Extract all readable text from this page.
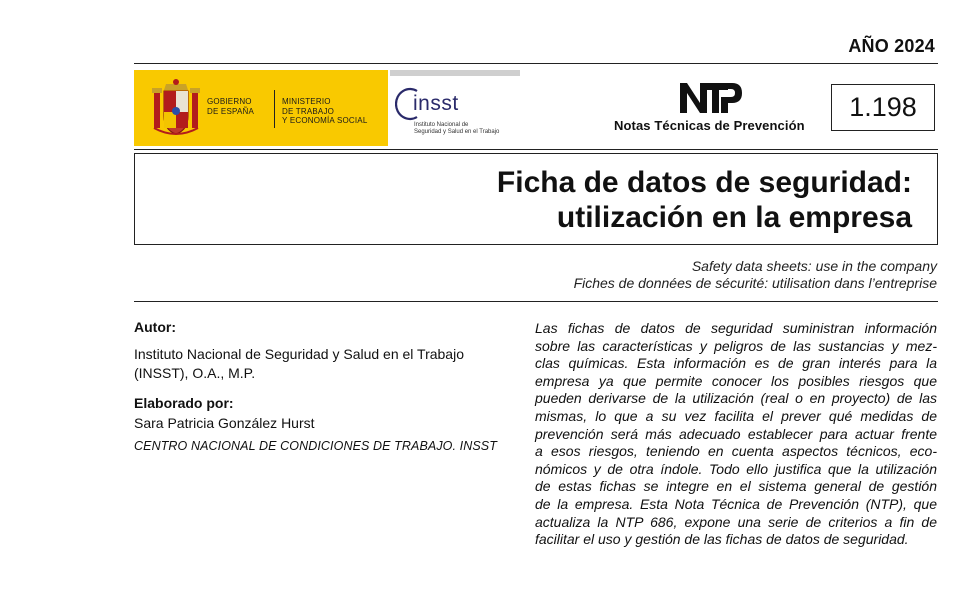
AÑO 2024
GOBIERNO
DE ESPAÑA
MINISTERIO
DE TRABAJO
Y ECONOMÍA SOCIAL
insst
Instituto Nacional de
Seguridad y Salud en el Trabajo	Notas Técnicas de Prevención
1.198
Ficha de datos de seguridad:
utilización en la empresa
Safety data sheets: use in the company
Fiches de données de sécurité: utilisation dans l’entreprise
Autor:
Instituto Nacional de Seguridad y Salud en el Trabajo
(INSST), O.A., M.P.
Elaborado por:
Sara Patricia González Hurst
CENTRO NACIONAL DE CONDICIONES DE TRABAJO. INSST
Las fichas de datos de seguridad suministran información
sobre las características y peligros de las sustancias y mez-
clas químicas. Esta información es de gran interés para la
empresa ya que permite conocer los posibles riesgos que
pueden derivarse de la utilización (real o en proyecto) de las
mismas, lo que a su vez facilita el prever qué medidas de
prevención será más adecuado establecer para actuar frente
a esos riesgos, teniendo en cuenta aspectos técnicos, eco-
nómicos y de otra índole. Todo ello justifica que la utilización
de estas fichas se integre en el sistema general de gestión
de la empresa. Esta Nota Técnica de Prevención (NTP), que
actualiza la NTP 686, expone una serie de criterios a fin de
facilitar el uso y gestión de las fichas de datos de seguridad.
